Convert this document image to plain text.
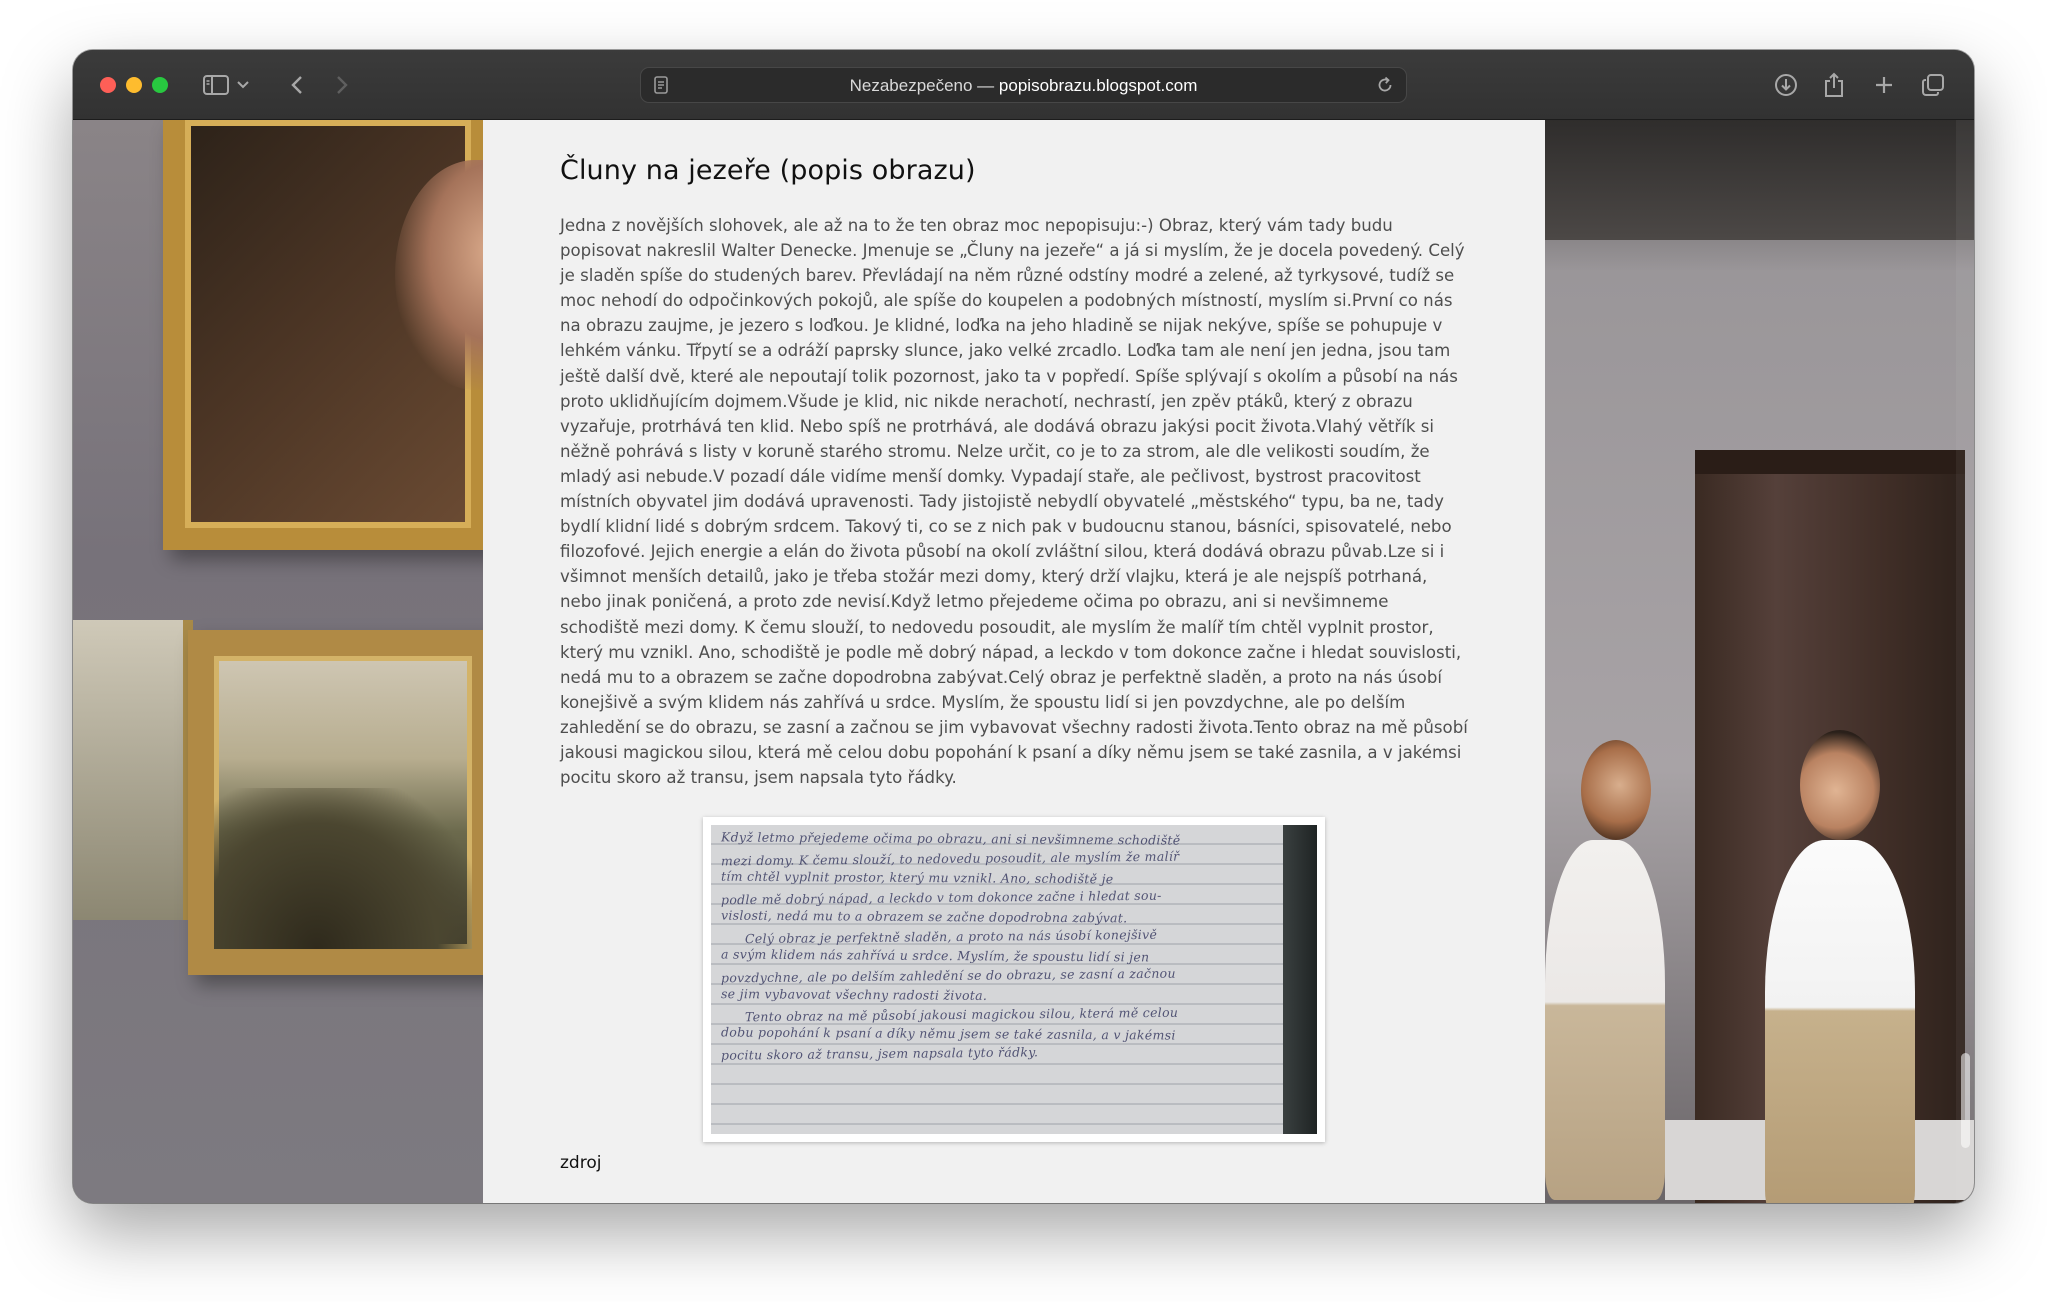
Nezabezpečeno — popisobrazu.blogspot.com
Čluny na jezeře (popis obrazu)

Jedna z novějších slohovek, ale až na to že ten obraz moc nepopisuju:-) Obraz, který vám tady budu popisovat nakreslil Walter Denecke. Jmenuje se „Čluny na jezeře“ a já si myslím, že je docela povedený. Celý je sladěn spíše do studených barev. Převládají na něm různé odstíny modré a zelené, až tyrkysové, tudíž se moc nehodí do odpočinkových pokojů, ale spíše do koupelen a podobných místností, myslím si.První co nás na obrazu zaujme, je jezero s loďkou. Je klidné, loďka na jeho hladině se nijak nekýve, spíše se pohupuje v lehkém vánku. Třpytí se a odráží paprsky slunce, jako velké zrcadlo. Loďka tam ale není jen jedna, jsou tam ještě další dvě, které ale nepoutají tolik pozornost, jako ta v popředí. Spíše splývají s okolím a působí na nás proto uklidňujícím dojmem.Všude je klid, nic nikde nerachotí, nechrastí, jen zpěv ptáků, který z obrazu vyzařuje, protrhává ten klid. Nebo spíš ne protrhává, ale dodává obrazu jakýsi pocit života.Vlahý větřík si něžně pohrává s listy v koruně starého stromu. Nelze určit, co je to za strom, ale dle velikosti soudím, že mladý asi nebude.V pozadí dále vidíme menší domky. Vypadají staře, ale pečlivost, bystrost pracovitost místních obyvatel jim dodává upravenosti. Tady jistojistě nebydlí obyvatelé „městského“ typu, ba ne, tady bydlí klidní lidé s dobrým srdcem. Takový ti, co se z nich pak v budoucnu stanou, básníci, spisovatelé, nebo filozofové. Jejich energie a elán do života působí na okolí zvláštní silou, která dodává obrazu půvab.Lze si i všimnot menších detailů, jako je třeba stožár mezi domy, který drží vlajku, která je ale nejspíš potrhaná, nebo jinak poničená, a proto zde nevisí.Když letmo přejedeme očima po obrazu, ani si nevšimneme schodiště mezi domy. K čemu slouží, to nedovedu posoudit, ale myslím že malíř tím chtěl vyplnit prostor, který mu vznikl. Ano, schodiště je podle mě dobrý nápad, a leckdo v tom dokonce začne i hledat souvislosti, nedá mu to a obrazem se začne dopodrobna zabývat.Celý obraz je perfektně sladěn, a proto na nás úsobí konejšivě a svým klidem nás zahřívá u srdce. Myslím, že spoustu lidí si jen povzdychne, ale po delším zahledění se do obrazu, se zasní a začnou se jim vybavovat všechny radosti života.Tento obraz na mě působí jakousi magickou silou, která mě celou dobu popohání k psaní a díky němu jsem se také zasnila, a v jakémsi pocitu skoro až transu, jsem napsala tyto řádky.

Když letmo přejedeme očima po obrazu, ani si nevšimneme schodiště
mezi domy. K čemu slouží, to nedovedu posoudit, ale myslím že malíř
tím chtěl vyplnit prostor, který mu vznikl. Ano, schodiště je
podle mě dobrý nápad, a leckdo v tom dokonce začne i hledat sou-
vislosti, nedá mu to a obrazem se začne dopodrobna zabývat.
Celý obraz je perfektně sladěn, a proto na nás úsobí konejšivě
a svým klidem nás zahřívá u srdce. Myslím, že spoustu lidí si jen
povzdychne, ale po delším zahledění se do obrazu, se zasní a začnou
se jim vybavovat všechny radosti života.
Tento obraz na mě působí jakousi magickou silou, která mě celou
dobu popohání k psaní a díky němu jsem se také zasnila, a v jakémsi
pocitu skoro až transu, jsem napsala tyto řádky.
zdroj
